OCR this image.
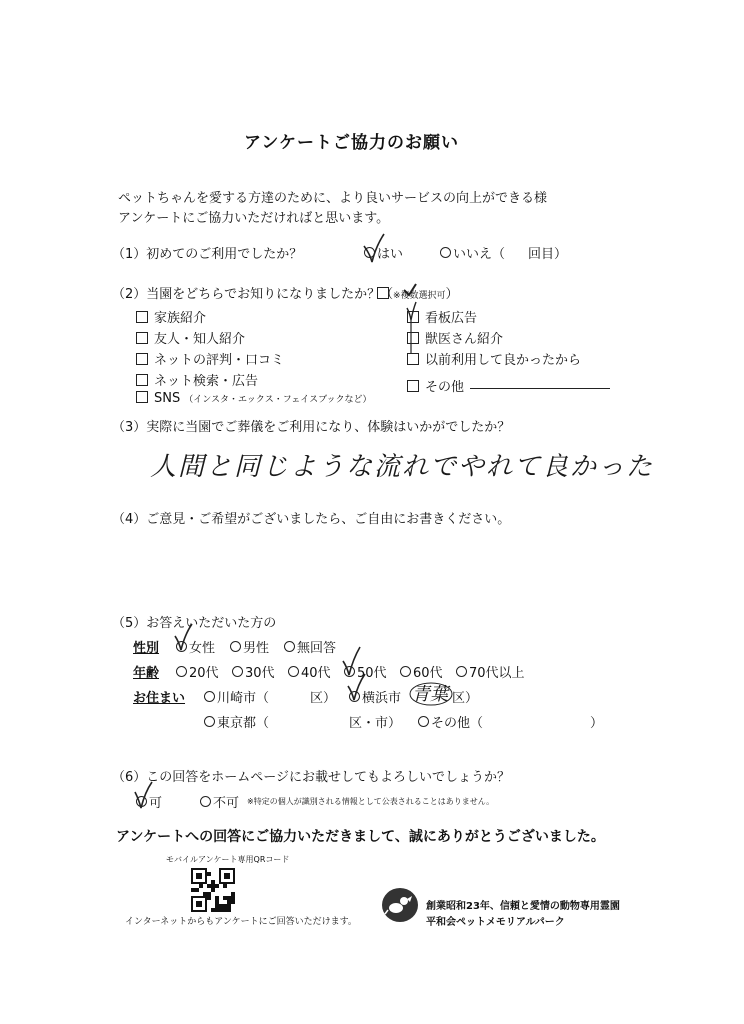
アンケートご協力のお願い
ペットちゃんを愛する方達のために、より良いサービスの向上ができる様
アンケートにご協力いただければと思います。
（1）初めてのご利用でしたか？	はい	いいえ（ 回目）
（2）当園をどちらでお知りになりましたか？（ ※複数選択可）
家族紹介
友人・知人紹介
ネットの評判・口コミ
ネット検索・広告
SNS （インスタ・エックス・フェイスブックなど）
看板広告
獣医さん紹介
以前利用して良かったから
その他
（3）実際に当園でご葬儀をご利用になり、体験はいかがでしたか？
人間と同じような流れでやれて良かった
（4）ご意見・ご希望がございましたら、ご自由にお書きください。
（5）お答えいただいた方の
性別	女性	男性	無回答
年齢	20代	30代	40代	50代	60代	70代以上
お住まい	川崎市（	区）	横浜市 青葉 区）
東京都（	区・市）	その他（	）
（6）この回答をホームページにお載せしてもよろしいでしょうか？
可	不可 ※特定の個人が識別される情報として公表されることはありません。
アンケートへの回答にご協力いただきまして、誠にありがとうございました。
モバイルアンケート専用QRコード
インターネットからもアンケートにご回答いただけます。
創業昭和23年、信頼と愛情の動物専用霊園
平和会ペットメモリアルパーク
